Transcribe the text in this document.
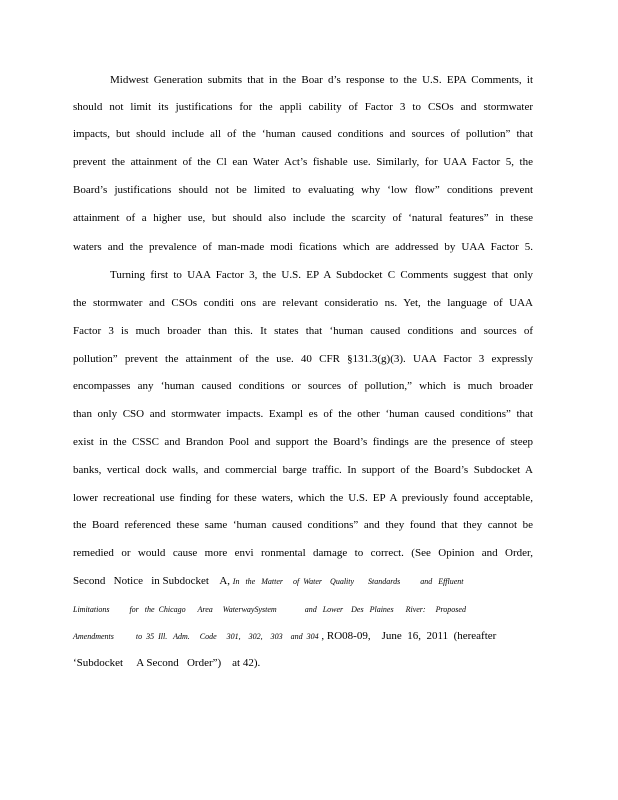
Midwest Generation submits that in the Boar d’s response to the U.S. EPA Comments, it
should not limit its justifications for the appli cability of Factor 3 to CSOs and stormwater
impacts, but should include all of the ‘human caused conditions and sources of pollution” that
prevent the attainment of the Cl ean Water Act’s fishable use. Similarly, for UAA Factor 5, the
Board’s justifications should not be limited to evaluating why ‘low flow” conditions prevent
attainment of a higher use, but should also include the scarcity of ‘natural features” in these
waters and the prevalence of man-made modi fications which are addressed by UAA Factor 5.
Turning first to UAA Factor 3, the U.S. EP A Subdocket C Comments suggest that only
the stormwater and CSOs conditi ons are relevant consideratio ns. Yet, the language of UAA
Factor 3 is much broader than this. It states that ‘human caused conditions and sources of
pollution” prevent the attainment of the use. 40 CFR §131.3(g)(3). UAA Factor 3 expressly
encompasses any ‘human caused conditions or sources of pollution,” which is much broader
than only CSO and stormwater impacts. Exampl es of the other ‘human caused conditions” that
exist in the CSSC and Brandon Pool and support the Board’s findings are the presence of steep
banks, vertical dock walls, and commercial barge traffic. In support of the Board’s Subdocket A
lower recreational use finding for these waters, which the U.S. EP A previously found acceptable,
the Board referenced these same ‘human caused conditions” and they found that they cannot be
remedied or would cause more envi ronmental damage to correct. (See Opinion and Order,
Second   Notice   in Subdocket    A, In   the   Matter     of  Water    Quality       Standards          and   Effluent
Limitations          for   the  Chicago      Area     WaterwaySystem              and   Lower    Des   Plaines      River:     Proposed
Amendments           to  35  Ill.   Adm.     Code     301,    302,    303    and  304 , RO08-09,    June  16,  2011  (hereafter
‘Subdocket     A Second   Order”)    at 42).
